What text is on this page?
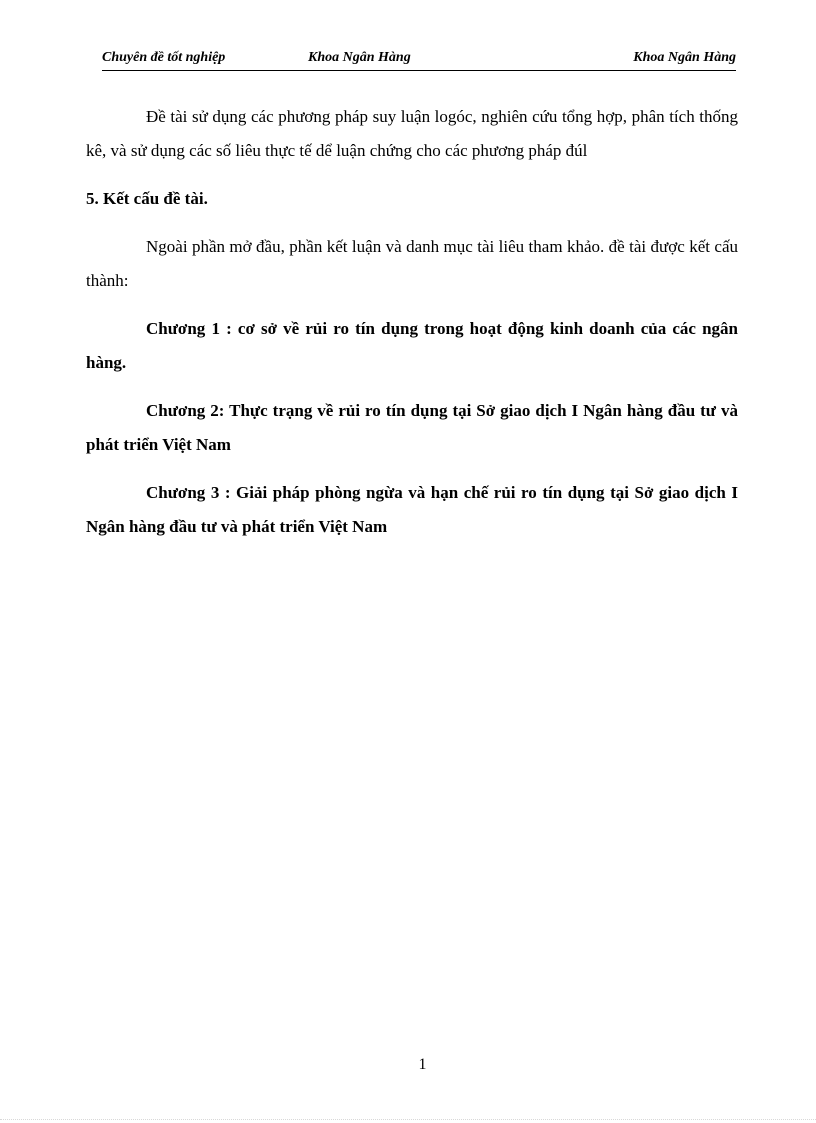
Chuyên đề tốt nghiệp	Khoa Ngân Hàng	Khoa Ngân Hàng

Đề tài sử dụng các phương pháp suy luận logóc, nghiên cứu tổng hợp, phân tích thống kê, và sử dụng các số liêu thực tế dể luận chứng cho các phương pháp đúl

5. Kết cấu đề tài.

Ngoài phần mở đầu, phần kết luận và danh mục tài liêu tham khảo. đề tài được kết cấu thành:

Chương 1 : cơ sở về rủi ro tín dụng trong hoạt động kinh doanh của các ngân hàng.

Chương 2: Thực trạng về rủi ro tín dụng tại Sở giao dịch I Ngân hàng đầu tư và phát triển Việt Nam

Chương 3 : Giải pháp phòng ngừa và hạn chế rủi ro tín dụng tại Sở giao dịch I Ngân hàng đầu tư và phát triển Việt Nam

1
